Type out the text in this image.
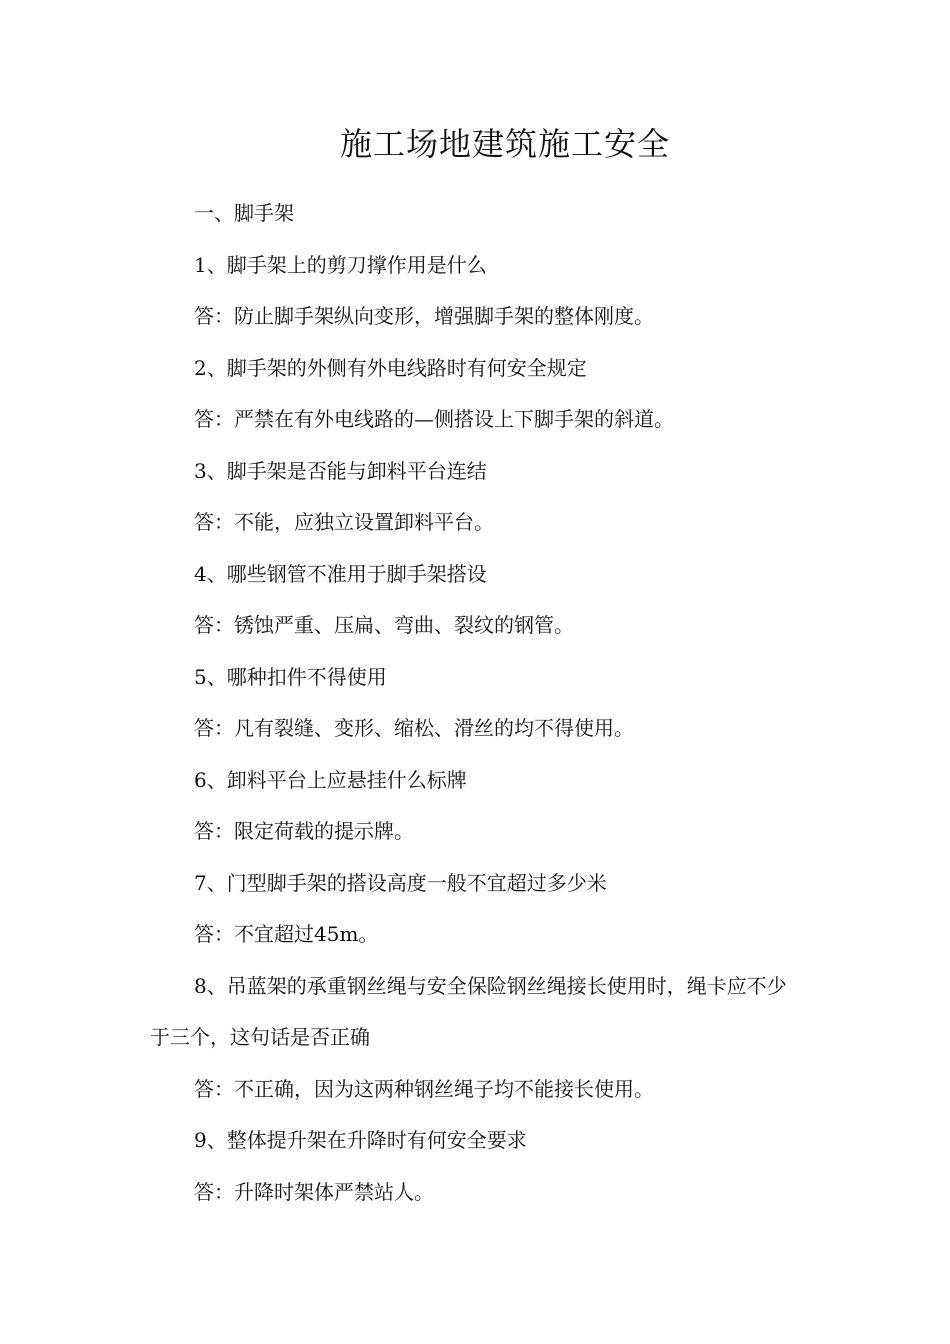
施工场地建筑施工安全

一、脚手架

1、脚手架上的剪刀撑作用是什么

答：防止脚手架纵向变形，增强脚手架的整体刚度。

2、脚手架的外侧有外电线路时有何安全规定

答：严禁在有外电线路的—侧搭设上下脚手架的斜道。

3、脚手架是否能与卸料平台连结

答：不能，应独立设置卸料平台。

4、哪些钢管不准用于脚手架搭设

答：锈蚀严重、压扁、弯曲、裂纹的钢管。

5、哪种扣件不得使用

答：凡有裂缝、变形、缩松、滑丝的均不得使用。

6、卸料平台上应悬挂什么标牌

答：限定荷载的提示牌。

7、门型脚手架的搭设高度一般不宜超过多少米

答：不宜超过45m。

8、吊蓝架的承重钢丝绳与安全保险钢丝绳接长使用时，绳卡应不少于三个，这句话是否正确

答：不正确，因为这两种钢丝绳子均不能接长使用。

9、整体提升架在升降时有何安全要求

答：升降时架体严禁站人。
